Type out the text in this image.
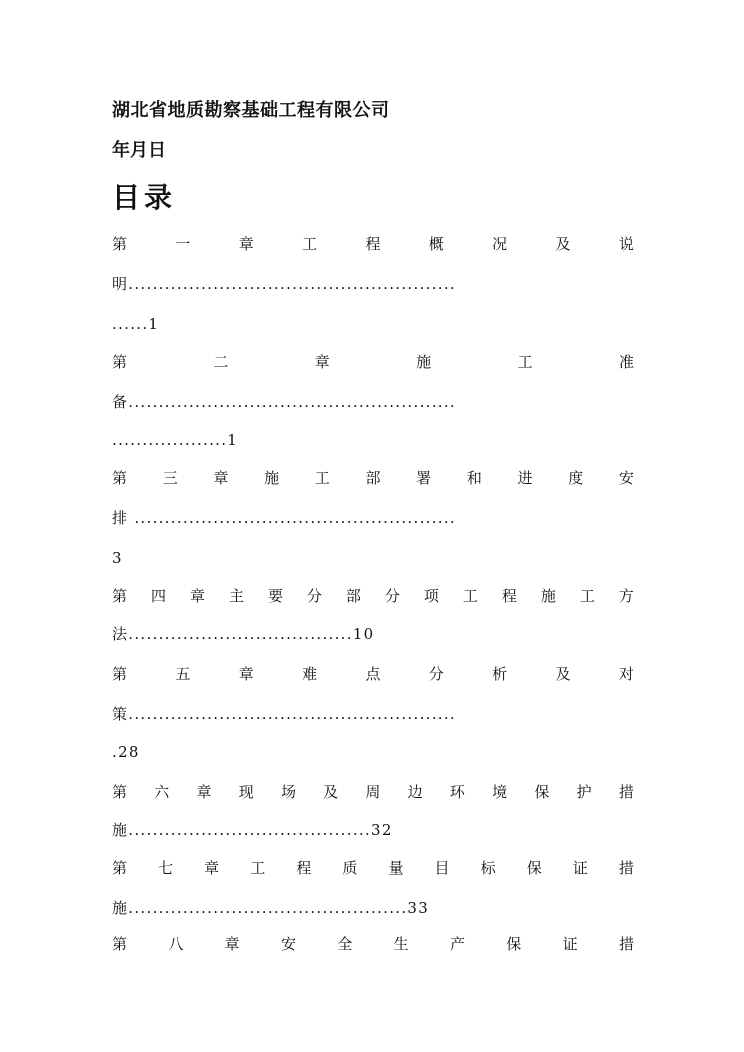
湖北省地质勘察基础工程有限公司
年月日
目录
第	一	章	工	程	概	况	及	说
明......................................................
......1
第	二	章	施	工	准
备......................................................
...................1
第 三 章 施 工 部 署 和 进 度 安
排 .....................................................
3
第 四 章 主 要 分 部 分 项 工 程 施 工 方
法.....................................10
第	五	章	难	点	分	析	及	对
策......................................................
.28
第 六 章 现 场 及 周 边 环 境 保 护 措
施........................................32
第 七 章 工 程 质 量 目 标 保 证 措
施..............................................33
第	八	章	安	全	生	产	保	证	措
